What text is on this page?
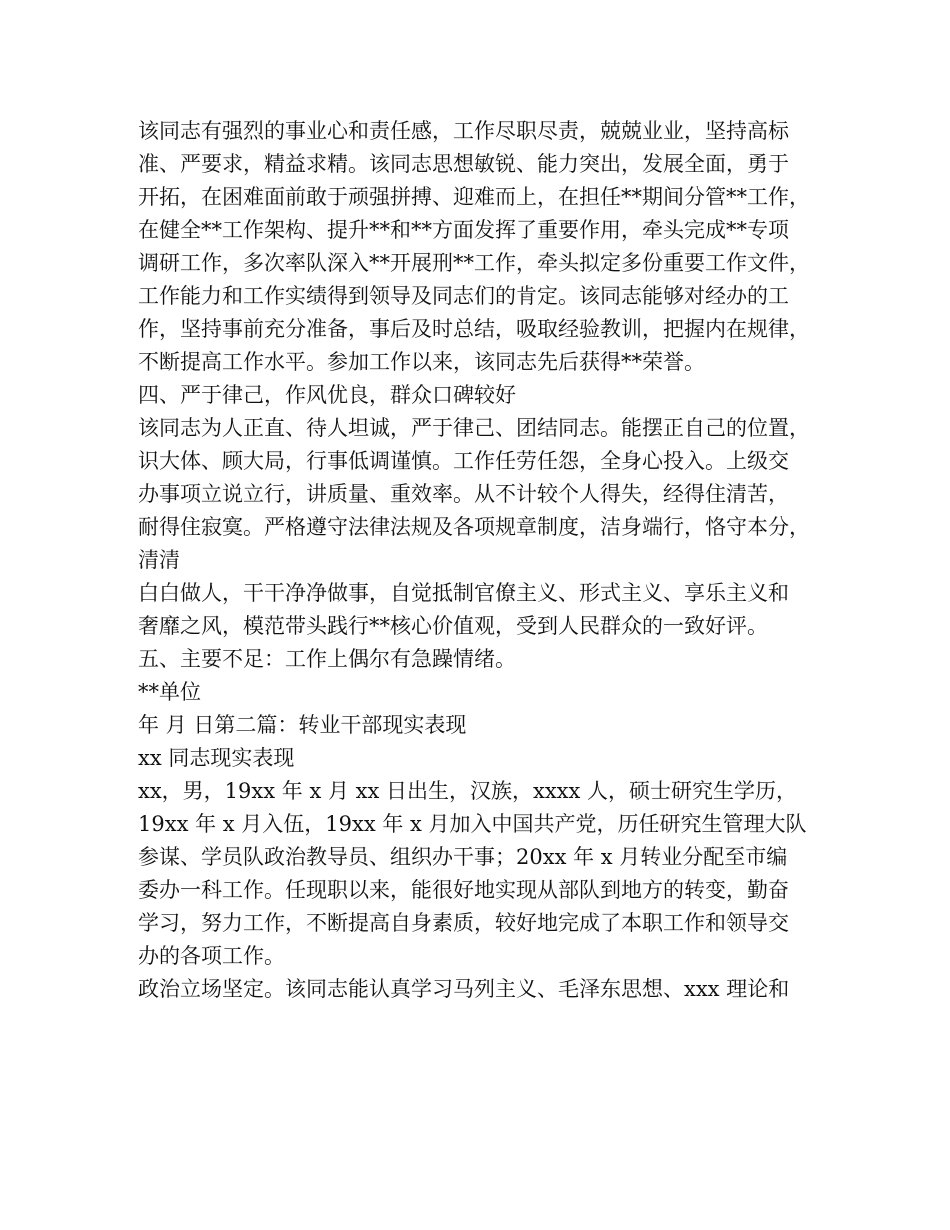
该同志有强烈的事业心和责任感，工作尽职尽责，兢兢业业，坚持高标
准、严要求，精益求精。该同志思想敏锐、能力突出，发展全面，勇于
开拓，在困难面前敢于顽强拼搏、迎难而上，在担任**期间分管**工作，
在健全**工作架构、提升**和**方面发挥了重要作用，牵头完成**专项
调研工作，多次率队深入**开展刑**工作，牵头拟定多份重要工作文件，
工作能力和工作实绩得到领导及同志们的肯定。该同志能够对经办的工
作，坚持事前充分准备，事后及时总结，吸取经验教训，把握内在规律，
不断提高工作水平。参加工作以来，该同志先后获得**荣誉。
四、严于律己，作风优良，群众口碑较好
该同志为人正直、待人坦诚，严于律己、团结同志。能摆正自己的位置，
识大体、顾大局，行事低调谨慎。工作任劳任怨，全身心投入。上级交
办事项立说立行，讲质量、重效率。从不计较个人得失，经得住清苦，
耐得住寂寞。严格遵守法律法规及各项规章制度，洁身端行，恪守本分，
清清
白白做人，干干净净做事，自觉抵制官僚主义、形式主义、享乐主义和
奢靡之风，模范带头践行**核心价值观，受到人民群众的一致好评。
五、主要不足：工作上偶尔有急躁情绪。
**单位
年 月 日第二篇：转业干部现实表现
xx 同志现实表现
xx，男，19xx 年 x 月 xx 日出生，汉族，xxxx 人，硕士研究生学历，
19xx 年 x 月入伍，19xx 年 x 月加入中国共产党，历任研究生管理大队
参谋、学员队政治教导员、组织办干事；20xx 年 x 月转业分配至市编
委办一科工作。任现职以来，能很好地实现从部队到地方的转变，勤奋
学习，努力工作，不断提高自身素质，较好地完成了本职工作和领导交
办的各项工作。
政治立场坚定。该同志能认真学习马列主义、毛泽东思想、xxx 理论和
